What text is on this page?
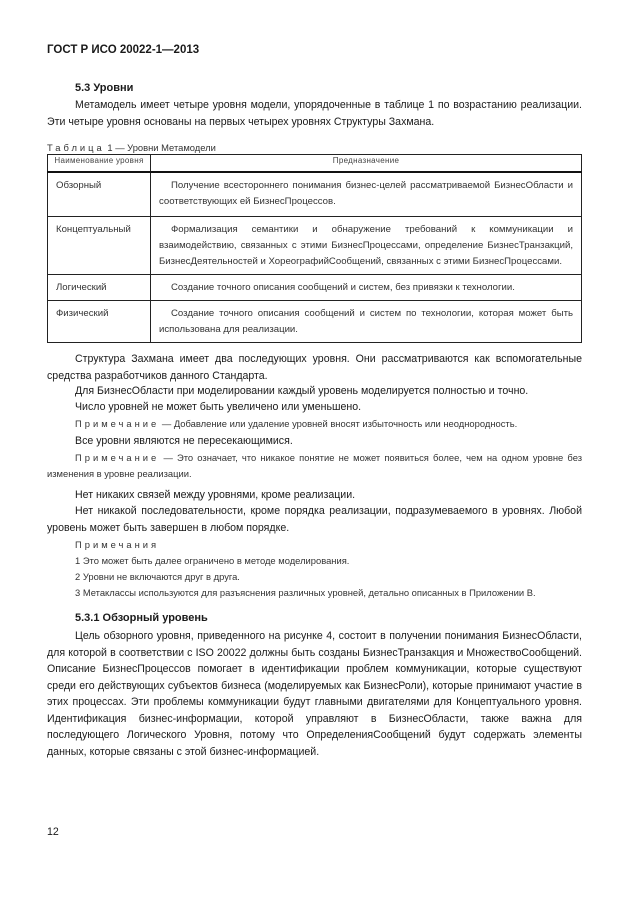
ГОСТ Р ИСО 20022-1—2013
5.3 Уровни
Метамодель имеет четыре уровня модели, упорядоченные в таблице 1 по возрастанию реализации. Эти четыре уровня основаны на первых четырех уровнях Структуры Захмана.
Таблица 1 — Уровни Метамодели
Наименование уровня	Предназначение
Обзорный	Получение всестороннего понимания бизнес-целей рассматриваемой БизнесОбласти и соответствующих ей БизнесПроцессов.
Концептуальный	Формализация семантики и обнаружение требований к коммуникации и взаимодействию, связанных с этими БизнесПроцессами, определение БизнесТранзакций, БизнесДеятельностей и ХореографийСообщений, связанных с этими БизнесПроцессами.
Логический	Создание точного описания сообщений и систем, без привязки к технологии.
Физический	Создание точного описания сообщений и систем по технологии, которая может быть использована для реализации.
Структура Захмана имеет два последующих уровня. Они рассматриваются как вспомогательные средства разработчиков данного Стандарта.
Для БизнесОбласти при моделировании каждый уровень моделируется полностью и точно.
Число уровней не может быть увеличено или уменьшено.
Примечание — Добавление или удаление уровней вносят избыточность или неоднородность.
Все уровни являются не пересекающимися.
Примечание — Это означает, что никакое понятие не может появиться более, чем на одном уровне без изменения в уровне реализации.
Нет никаких связей между уровнями, кроме реализации.
Нет никакой последовательности, кроме порядка реализации, подразумеваемого в уровнях. Любой уровень может быть завершен в любом порядке.
Примечания
1 Это может быть далее ограничено в методе моделирования.
2 Уровни не включаются друг в друга.
3 Метаклассы используются для разъяснения различных уровней, детально описанных в Приложении В.
5.3.1 Обзорный уровень
Цель обзорного уровня, приведенного на рисунке 4, состоит в получении понимания БизнесОбласти, для которой в соответствии с ISO 20022 должны быть созданы БизнесТранзакция и МножествоСообщений. Описание БизнесПроцессов помогает в идентификации проблем коммуникации, которые существуют среди его действующих субъектов бизнеса (моделируемых как БизнесРоли), которые принимают участие в этих процессах. Эти проблемы коммуникации будут главными двигателями для Концептуального уровня. Идентификация бизнес-информации, которой управляют в БизнесОбласти, также важна для последующего Логического Уровня, потому что ОпределенияСообщений будут содержать элементы данных, которые связаны с этой бизнес-информацией.
12
